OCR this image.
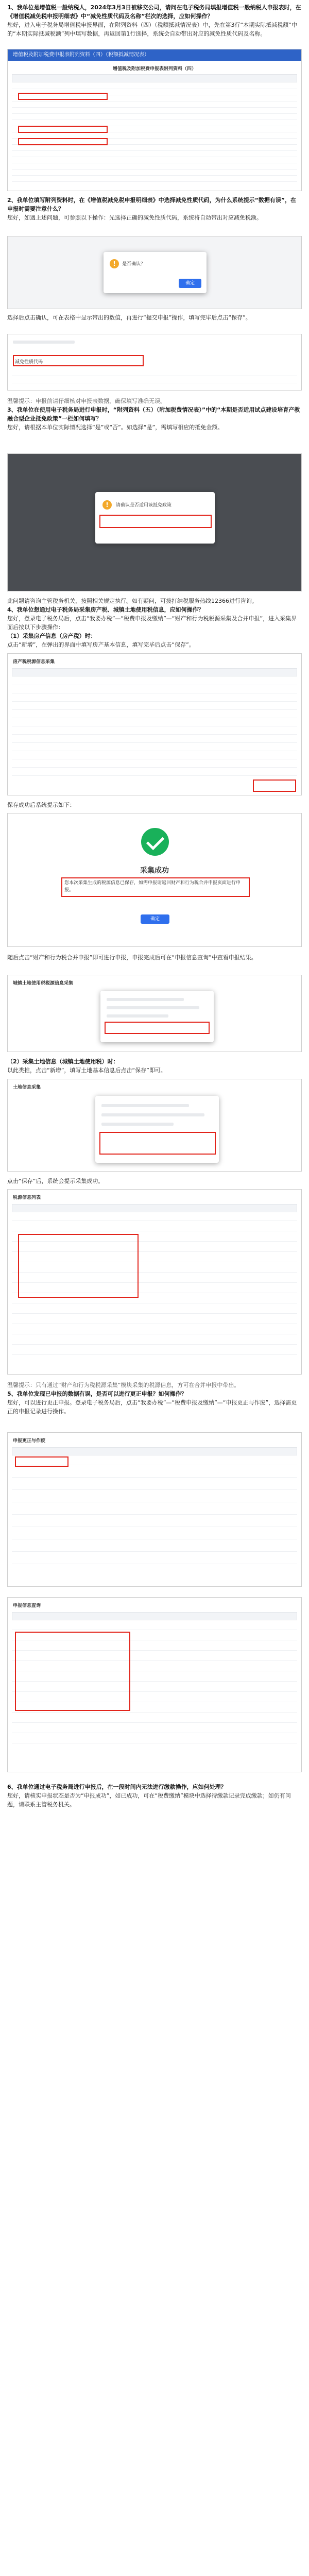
1、我单位是增值税一般纳税人，2024年3月3日被移交公司，请问在电子税务局填报增值税一般纳税人申报表时，在《增值税减免税申报明细表》中“减免性质代码及名称”栏次的选择，应如何操作？

您好，进入电子税务局增值税申报界面，在附列资料（四）（税额抵减情况表）中，先在第3行“本期实际抵减税额”中的“本期实际抵减税额”列中填写数据，再返回第1行选择，系统会自动带出对应的减免性质代码及名称。

增值税及附加税费申报表附列资料（四）（税额抵减情况表）
增值税及附加税费申报表附列资料（四）

2、我单位填写附列资料时，在《增值税减免税申报明细表》中选择减免性质代码，为什么系统提示“数据有误”，在申报时需要注意什么？

您好，如遇上述问题，可参照以下操作：先选择正确的减免性质代码，系统将自动带出对应减免税额。

!	是否确认？
确定

选择后点击确认，可在表格中显示带出的数值，再进行“提交申报”操作，填写完毕后点击“保存”。

减免性质代码

温馨提示：申报前请仔细核对申报表数据，确保填写准确无误。

3、我单位在使用电子税务局进行申报时，“附列资料（五）（附加税费情况表）”中的“本期是否适用试点建设培育产教融合型企业抵免政策”一栏如何填写？

您好，请根据本单位实际情况选择“是”或“否”。如选择“是”，需填写相应的抵免金额。

!	请确认是否适用该抵免政策

此问题请咨询主管税务机关，按照相关规定执行。如有疑问，可拨打纳税服务热线12366进行咨询。

4、我单位想通过电子税务局采集房产税、城镇土地使用税信息，应如何操作？

您好，登录电子税务局后，点击“我要办税”—“税费申报及缴纳”—“财产和行为税税源采集及合并申报”，进入采集界面后按以下步骤操作：

（1）采集房产信息（房产税）时：

点击“新增”，在弹出的界面中填写房产基本信息，填写完毕后点击“保存”。

房产税税源信息采集

保存成功后系统提示如下：

采集成功
您本次采集生成的税源信息已保存，如需申报请返回财产和行为税合并申报页面进行申报。
确定

随后点击“财产和行为税合并申报”即可进行申报，申报完成后可在“申报信息查询”中查看申报结果。

城镇土地使用税税源信息采集

（2）采集土地信息（城镇土地使用税）时：

以此类推，点击“新增”，填写土地基本信息后点击“保存”即可。

土地信息采集

点击“保存”后，系统会提示采集成功。

税源信息列表

温馨提示：只有通过“财产和行为税税源采集”模块采集的税源信息，方可在合并申报中带出。

5、我单位发现已申报的数据有误，是否可以进行更正申报？如何操作？

您好，可以进行更正申报。登录电子税务局后，点击“我要办税”—“税费申报及缴纳”—“申报更正与作废”，选择需更正的申报记录进行操作。

申报更正与作废
申报信息查询

6、我单位通过电子税务局进行申报后，在一段时间内无法进行缴款操作，应如何处理？

您好，请核实申报状态是否为“申报成功”，如已成功，可在“税费缴纳”模块中选择待缴款记录完成缴款；如仍有问题，请联系主管税务机关。
